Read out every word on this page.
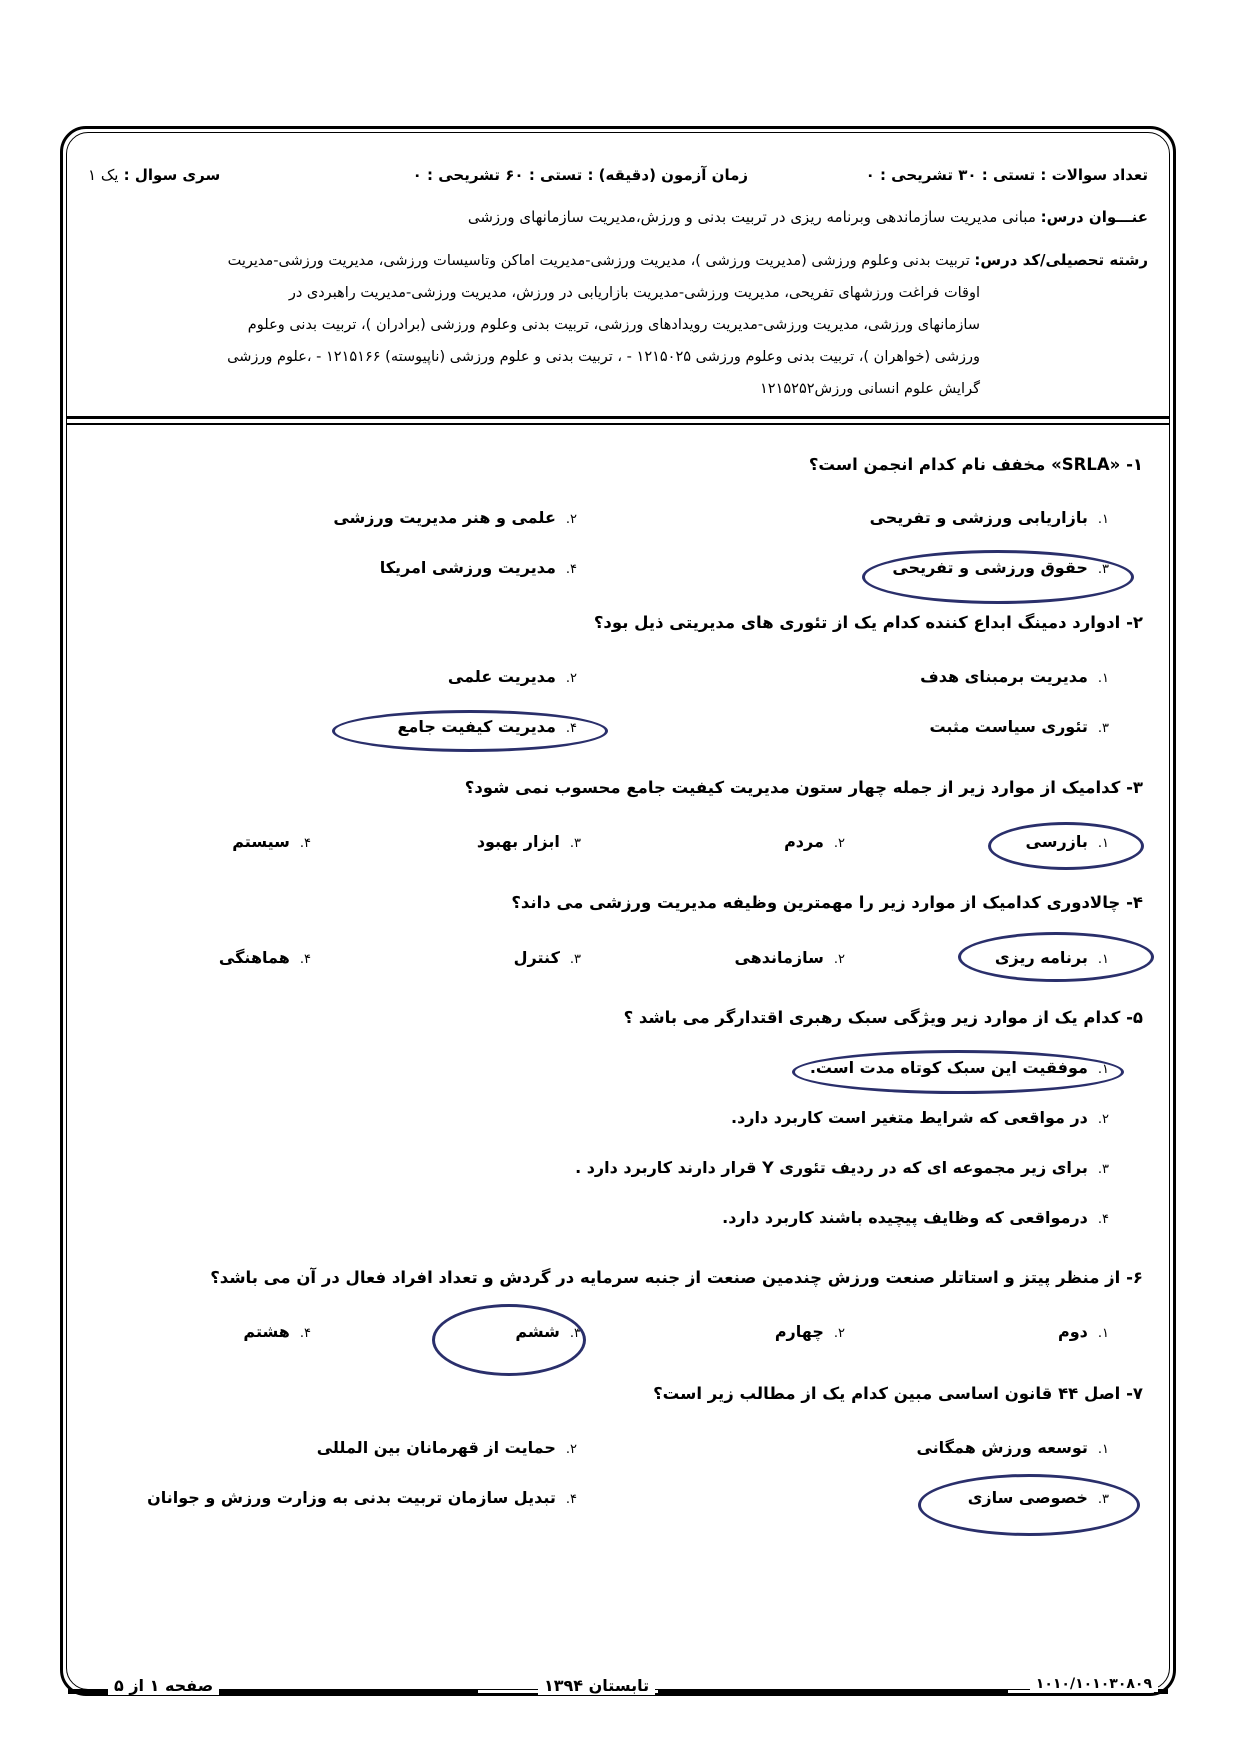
تعداد سوالات : تستی : ۳۰ تشریحی : ۰
زمان آزمون (دقیقه) : تستی : ۶۰ تشریحی : ۰
سری سوال : یک ۱
عنـــوان درس: مبانی مدیریت سازماندهی وبرنامه ریزی در تربیت بدنی و ورزش،مدیریت سازمانهای ورزشی
رشته تحصیلی/کد درس: تربیت بدنی وعلوم ورزشی (مدیریت ورزشی )، مدیریت ورزشی-مدیریت اماکن وتاسیسات ورزشی، مدیریت ورزشی-مدیریت
اوقات فراغت ورزشهای تفریحی، مدیریت ورزشی-مدیریت بازاریابی در ورزش، مدیریت ورزشی-مدیریت راهبردی در
سازمانهای ورزشی، مدیریت ورزشی-مدیریت رویدادهای ورزشی، تربیت بدنی وعلوم ورزشی (برادران )، تربیت بدنی وعلوم
ورزشی (خواهران )، تربیت بدنی وعلوم ورزشی ۱۲۱۵۰۲۵ - ، تربیت بدنی و علوم ورزشی (ناپیوسته) ۱۲۱۵۱۶۶ - ،علوم ورزشی
گرایش علوم انسانی ورزش۱۲۱۵۲۵۲
۱- «SRLA» مخفف نام کدام انجمن است؟
۱.بازاریابی ورزشی و تفریحی
۲.علمی و هنر مدیریت ورزشی
۳.حقوق ورزشی و تفریحی
۴.مدیریت ورزشی امریکا
۲- ادوارد دمینگ ابداع کننده کدام یک از تئوری های مدیریتی ذیل بود؟
۱.مدیریت برمبنای هدف
۲.مدیریت علمی
۳.تئوری سیاست مثبت
۴.مدیریت کیفیت جامع
۳- کدامیک از موارد زیر از جمله چهار ستون مدیریت کیفیت جامع محسوب نمی شود؟
۱.بازرسی
۲.مردم
۳.ابزار بهبود
۴.سیستم
۴- چالادوری کدامیک از موارد زیر را مهمترین وظیفه مدیریت ورزشی می داند؟
۱.برنامه ریزی
۲.سازماندهی
۳.کنترل
۴.هماهنگی
۵- کدام یک از موارد زیر ویژگی سبک رهبری اقتدارگر می باشد ؟
۱.موفقیت این سبک کوتاه مدت است.
۲.در مواقعی که شرایط متغیر است کاربرد دارد.
۳.برای زیر مجموعه ای که در ردیف تئوری Y قرار دارند کاربرد دارد .
۴.درمواقعی که وظایف پیچیده باشند کاربرد دارد.
۶- از منظر پیتز و استاتلر صنعت ورزش چندمین صنعت از جنبه سرمایه در گردش و تعداد افراد فعال در آن می باشد؟
۱.دوم
۲.چهارم
۳.ششم
۴.هشتم
۷- اصل ۴۴ قانون اساسی مبین کدام یک از مطالب زیر است؟
۱.توسعه ورزش همگانی
۲.حمایت از قهرمانان بین المللی
۳.خصوصی سازی
۴.تبدیل سازمان تربیت بدنی به وزارت ورزش و جوانان
صفحه ۱ از ۵	تابستان ۱۳۹۴	۱۰۱۰/۱۰۱۰۳۰۸۰۹
